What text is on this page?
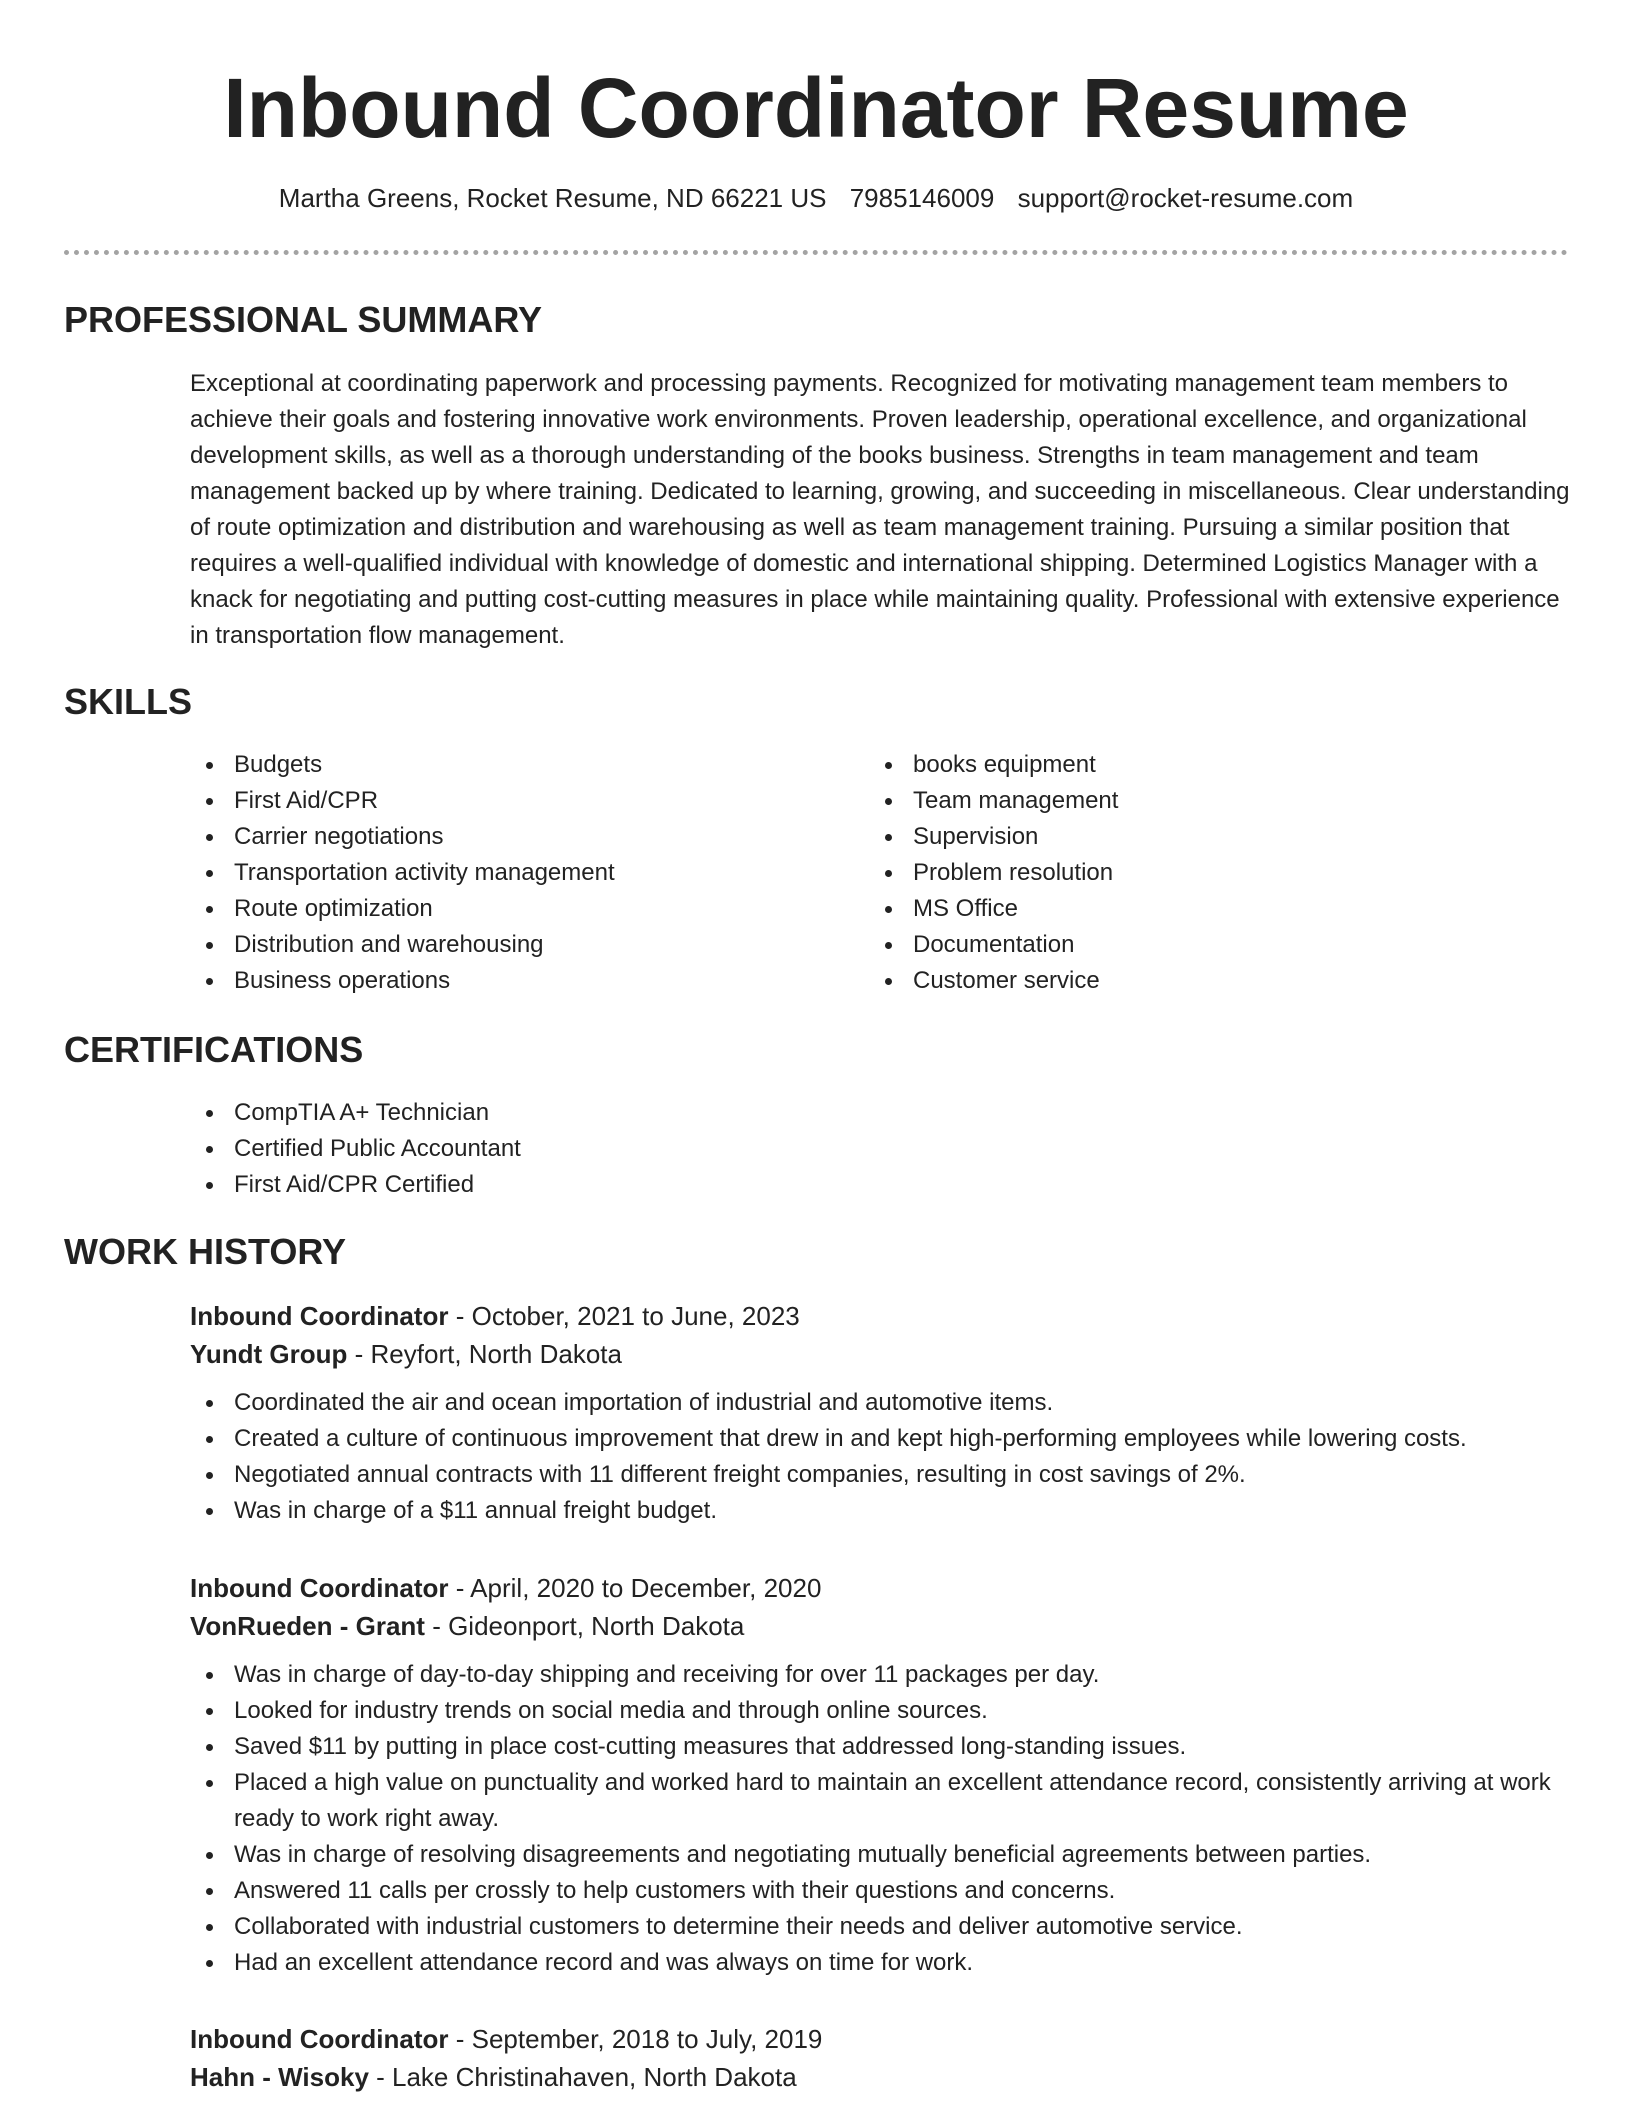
Inbound Coordinator Resume
Martha Greens, Rocket Resume, ND 66221 US 7985146009 support@rocket-resume.com
PROFESSIONAL SUMMARY
Exceptional at coordinating paperwork and processing payments. Recognized for motivating management team members to achieve their goals and fostering innovative work environments. Proven leadership, operational excellence, and organizational development skills, as well as a thorough understanding of the books business. Strengths in team management and team management backed up by where training. Dedicated to learning, growing, and succeeding in miscellaneous. Clear understanding of route optimization and distribution and warehousing as well as team management training. Pursuing a similar position that requires a well-qualified individual with knowledge of domestic and international shipping. Determined Logistics Manager with a knack for negotiating and putting cost-cutting measures in place while maintaining quality. Professional with extensive experience in transportation flow management.
SKILLS
Budgets
First Aid/CPR
Carrier negotiations
Transportation activity management
Route optimization
Distribution and warehousing
Business operations
books equipment
Team management
Supervision
Problem resolution
MS Office
Documentation
Customer service
CERTIFICATIONS
CompTIA A+ Technician
Certified Public Accountant
First Aid/CPR Certified
WORK HISTORY
Inbound Coordinator - October, 2021 to June, 2023
Yundt Group - Reyfort, North Dakota
Coordinated the air and ocean importation of industrial and automotive items.
Created a culture of continuous improvement that drew in and kept high-performing employees while lowering costs.
Negotiated annual contracts with 11 different freight companies, resulting in cost savings of 2%.
Was in charge of a $11 annual freight budget.
Inbound Coordinator - April, 2020 to December, 2020
VonRueden - Grant - Gideonport, North Dakota
Was in charge of day-to-day shipping and receiving for over 11 packages per day.
Looked for industry trends on social media and through online sources.
Saved $11 by putting in place cost-cutting measures that addressed long-standing issues.
Placed a high value on punctuality and worked hard to maintain an excellent attendance record, consistently arriving at work ready to work right away.
Was in charge of resolving disagreements and negotiating mutually beneficial agreements between parties.
Answered 11 calls per crossly to help customers with their questions and concerns.
Collaborated with industrial customers to determine their needs and deliver automotive service.
Had an excellent attendance record and was always on time for work.
Inbound Coordinator - September, 2018 to July, 2019
Hahn - Wisoky - Lake Christinahaven, North Dakota
